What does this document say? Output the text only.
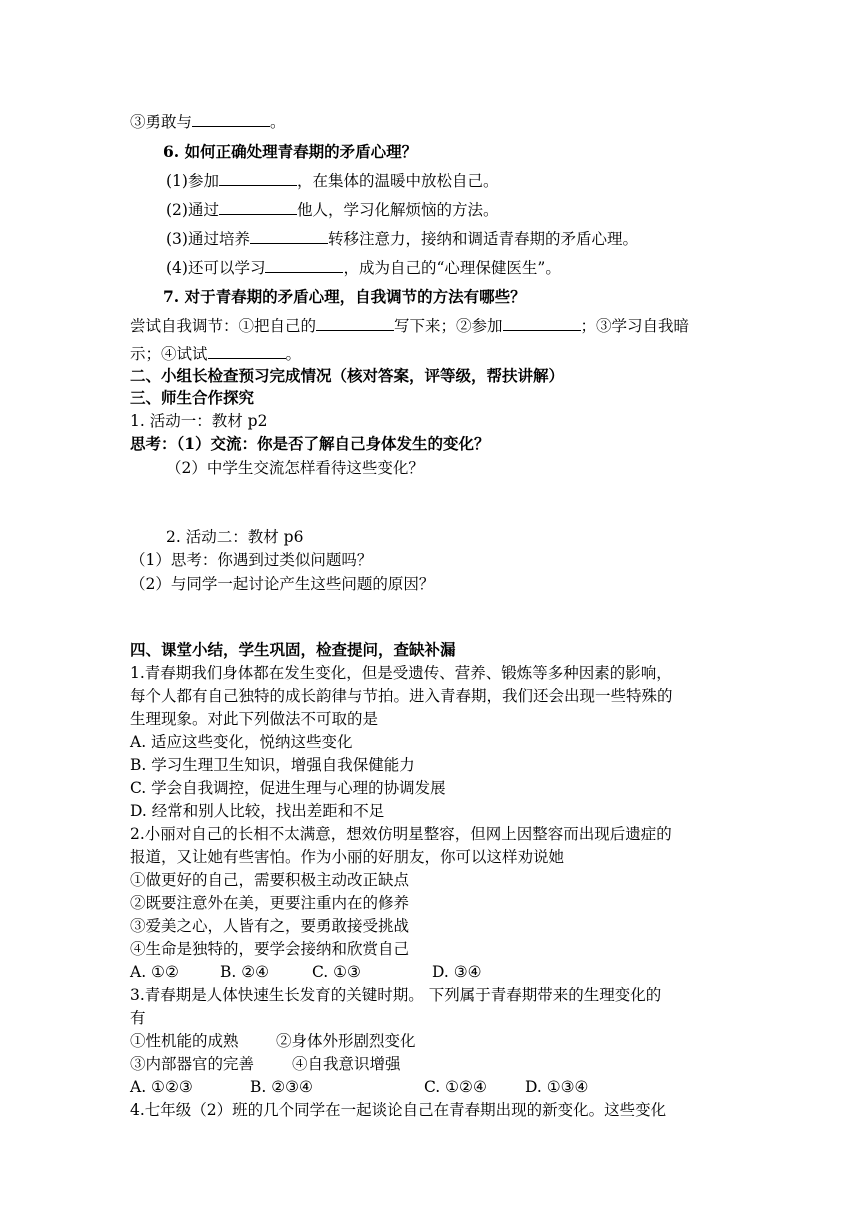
③勇敢与	。
6. 如何正确处理青春期的矛盾心理？
(1)参加	，在集体的温暖中放松自己。
(2)通过	他人，学习化解烦恼的方法。
(3)通过培养	转移注意力，接纳和调适青春期的矛盾心理。
(4)还可以学习	，成为自己的“心理保健医生”。
7. 对于青春期的矛盾心理，自我调节的方法有哪些？
尝试自我调节：①把自己的	写下来；②参加	；③学习自我暗
示；④试试	。
二、小组长检查预习完成情况（核对答案，评等级，帮扶讲解）
三、师生合作探究
1. 活动一：教材 p2
思考：（1）交流：你是否了解自己身体发生的变化？
（2）中学生交流怎样看待这些变化？
2. 活动二：教材 p6
（1）思考：你遇到过类似问题吗？
（2）与同学一起讨论产生这些问题的原因？
四、课堂小结，学生巩固，检查提问，查缺补漏
1.青春期我们身体都在发生变化，但是受遗传、营养、锻炼等多种因素的影响，
每个人都有自己独特的成长韵律与节拍。进入青春期，我们还会出现一些特殊的
生理现象。对此下列做法不可取的是
A. 适应这些变化，悦纳这些变化
B. 学习生理卫生知识，增强自我保健能力
C. 学会自我调控，促进生理与心理的协调发展
D. 经常和别人比较，找出差距和不足
2.小丽对自己的长相不太满意，想效仿明星整容，但网上因整容而出现后遗症的
报道，又让她有些害怕。作为小丽的好朋友，你可以这样劝说她
①做更好的自己，需要积极主动改正缺点
②既要注意外在美，更要注重内在的修养
③爱美之心，人皆有之，要勇敢接受挑战
④生命是独特的，要学会接纳和欣赏自己
A. ①②	B. ②④	C. ①③	D. ③④
3.青春期是人体快速生长发育的关键时期。 下列属于青春期带来的生理变化的
有
①性机能的成熟 ②身体外形剧烈变化
③内部器官的完善 ④自我意识增强
A. ①②③	B. ②③④	C. ①②④ D. ①③④
4.七年级（2）班的几个同学在一起谈论自己在青春期出现的新变化。这些变化
